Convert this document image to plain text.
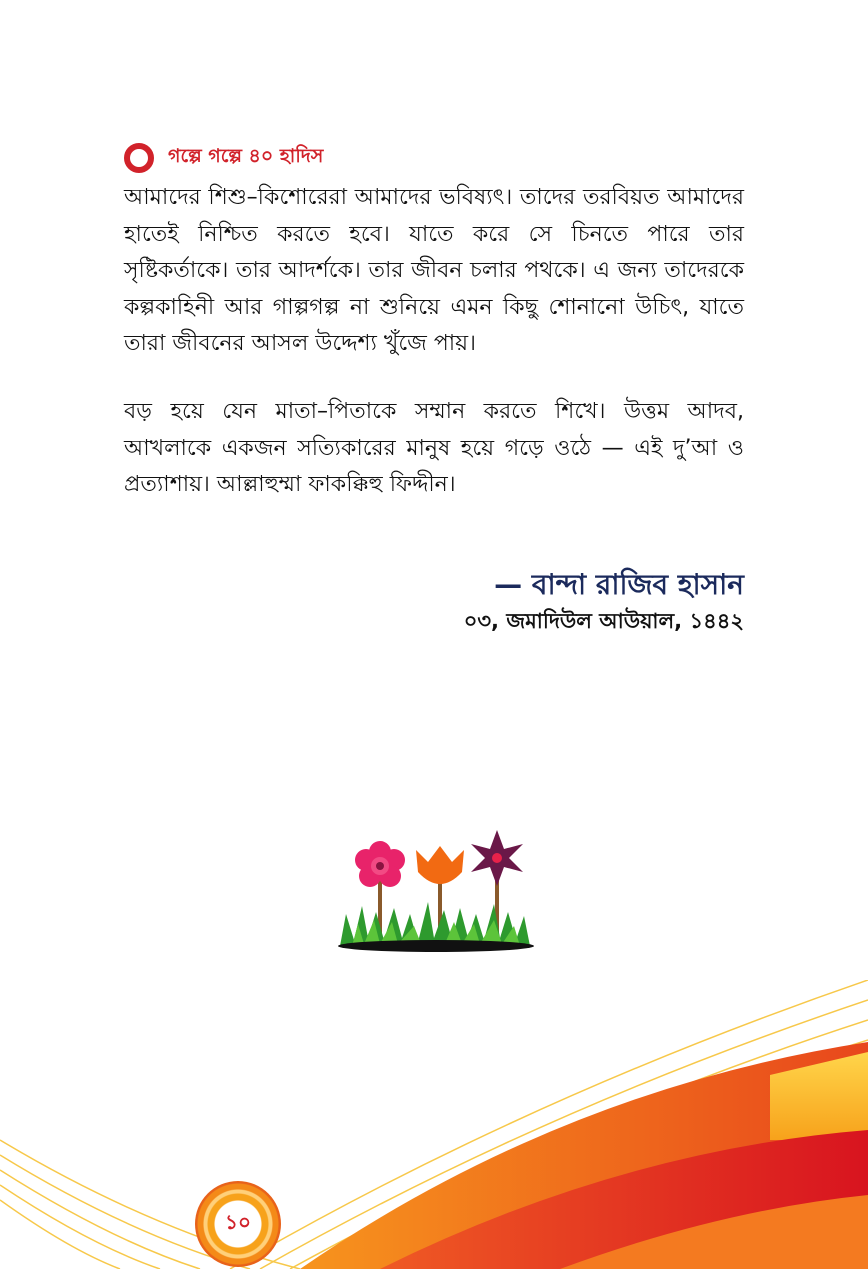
গল্পে গল্পে ৪০ হাদিস

আমাদের শিশু–কিশোরেরা আমাদের ভবিষ্যৎ। তাদের তরবিয়ত আমাদের হাতেই নিশ্চিত করতে হবে। যাতে করে সে চিনতে পারে তার সৃষ্টিকর্তাকে। তার আদর্শকে। তার জীবন চলার পথকে। এ জন্য তাদেরকে কল্পকাহিনী আর গাল্পগল্প না শুনিয়ে এমন কিছু শোনানো উচিৎ, যাতে তারা জীবনের আসল উদ্দেশ্য খুঁজে পায়।

বড় হয়ে যেন মাতা–পিতাকে সম্মান করতে শিখে। উত্তম আদব, আখলাকে একজন সত্যিকারের মানুষ হয়ে গড়ে ওঠে — এই দু’আ ও প্রত্যাশায়। আল্লাহুম্মা ফাকক্কিহু ফিদ্দীন।

— বান্দা রাজিব হাসান
০৩, জমাদিউল আউয়াল, ১৪৪২
১০
